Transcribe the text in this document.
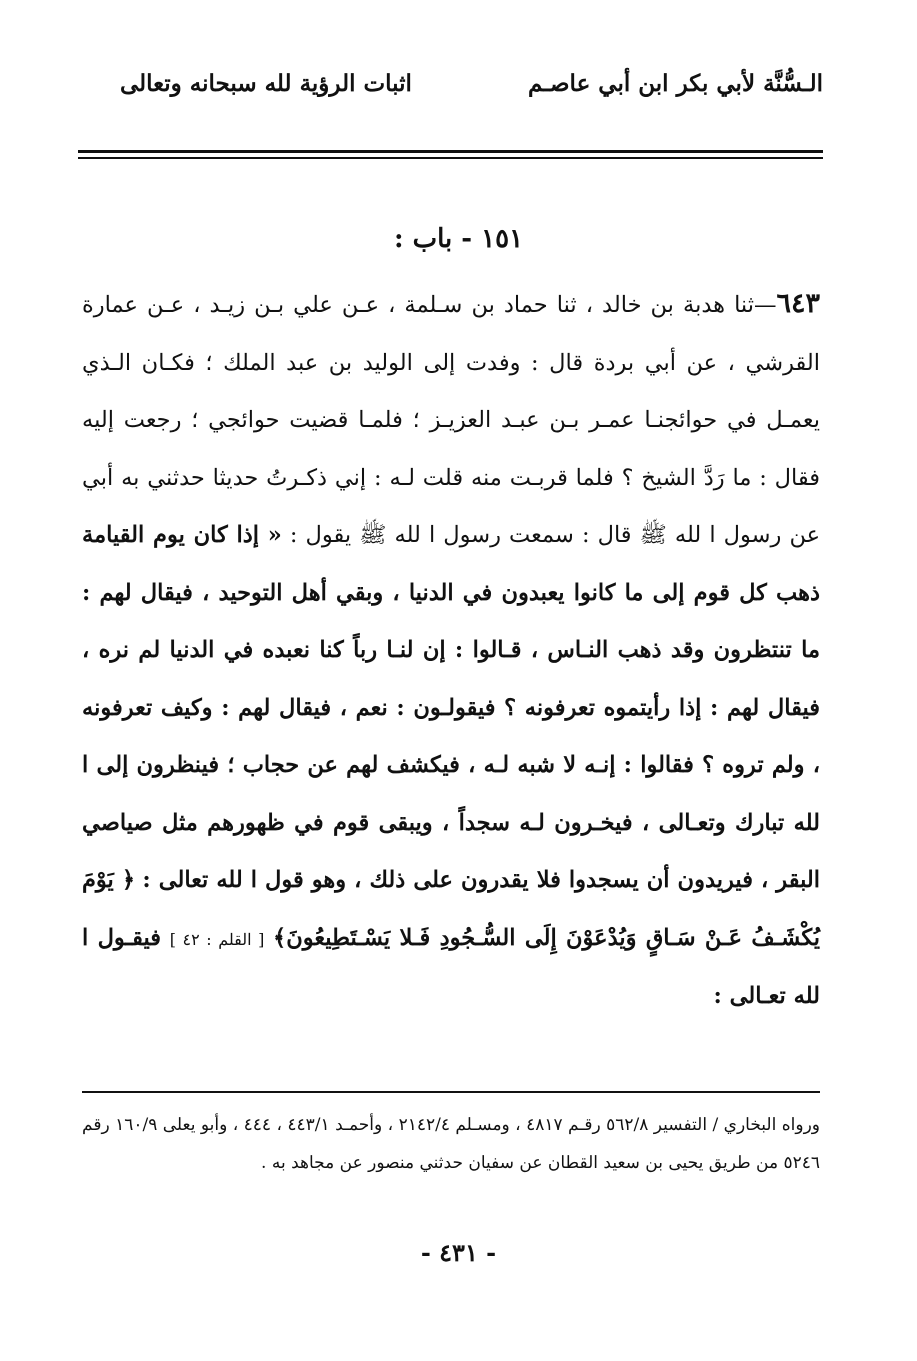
الـسُّنَّة لأبي بكر ابن أبي عاصـم
اثبات الرؤية لله سبحانه وتعالى
١٥١ - باب :
٦٤٣—ثنا هدبة بن خالد ، ثنا حماد بن سـلمة ، عـن علي بـن زيـد ، عـن عمارة القرشي ، عن أبي بردة قال : وفدت إلى الوليد بن عبد الملك ؛ فكـان الـذي يعمـل في حوائجنـا عمـر بـن عبـد العزيـز ؛ فلمـا قضيت حوائجي ؛ رجعت إليه فقال : ما رَدَّ الشيخ ؟ فلما قربـت منه قلت لـه : إني ذكـرتُ حديثا حدثني به أبي عن رسول ا لله ﷺ قال : سمعت رسول ا لله ﷺ يقول : « إذا كان يوم القيامة ذهب كل قوم إلى ما كانوا يعبدون في الدنيا ، وبقي أهل التوحيد ، فيقال لهم : ما تنتظرون وقد ذهب النـاس ، قـالوا : إن لنـا رباً كنا نعبده في الدنيا لم نره ، فيقال لهم : إذا رأيتموه تعرفونه ؟ فيقولـون : نعم ، فيقال لهم : وكيف تعرفونه ، ولم تروه ؟ فقالوا : إنـه لا شبه لـه ، فيكشف لهم عن حجاب ؛ فينظرون إلى ا لله تبارك وتعـالى ، فيخـرون لـه سجداً ، ويبقى قوم في ظهورهم مثل صياصي البقر ، فيريدون أن يسجدوا فلا يقدرون على ذلك ، وهو قول ا لله تعالى : ﴿ يَوْمَ يُكْشَـفُ عَـنْ سَـاقٍ وَيُدْعَوْنَ إِلَى السُّـجُودِ فَـلا يَسْـتَطِيعُونَ﴾ [ القلم : ٤٢ ] فيقـول ا لله تعـالى :
ورواه البخاري / التفسير ٥٦٢/٨ رقـم ٤٨١٧ ، ومسـلم ٢١٤٢/٤ ، وأحمـد ٤٤٣/١ ، ٤٤٤ ، وأبو يعلى ١٦٠/٩ رقم ٥٢٤٦ من طريق يحيى بن سعيد القطان عن سفيان حدثني منصور عن مجاهد به .
- ٤٣١ -
